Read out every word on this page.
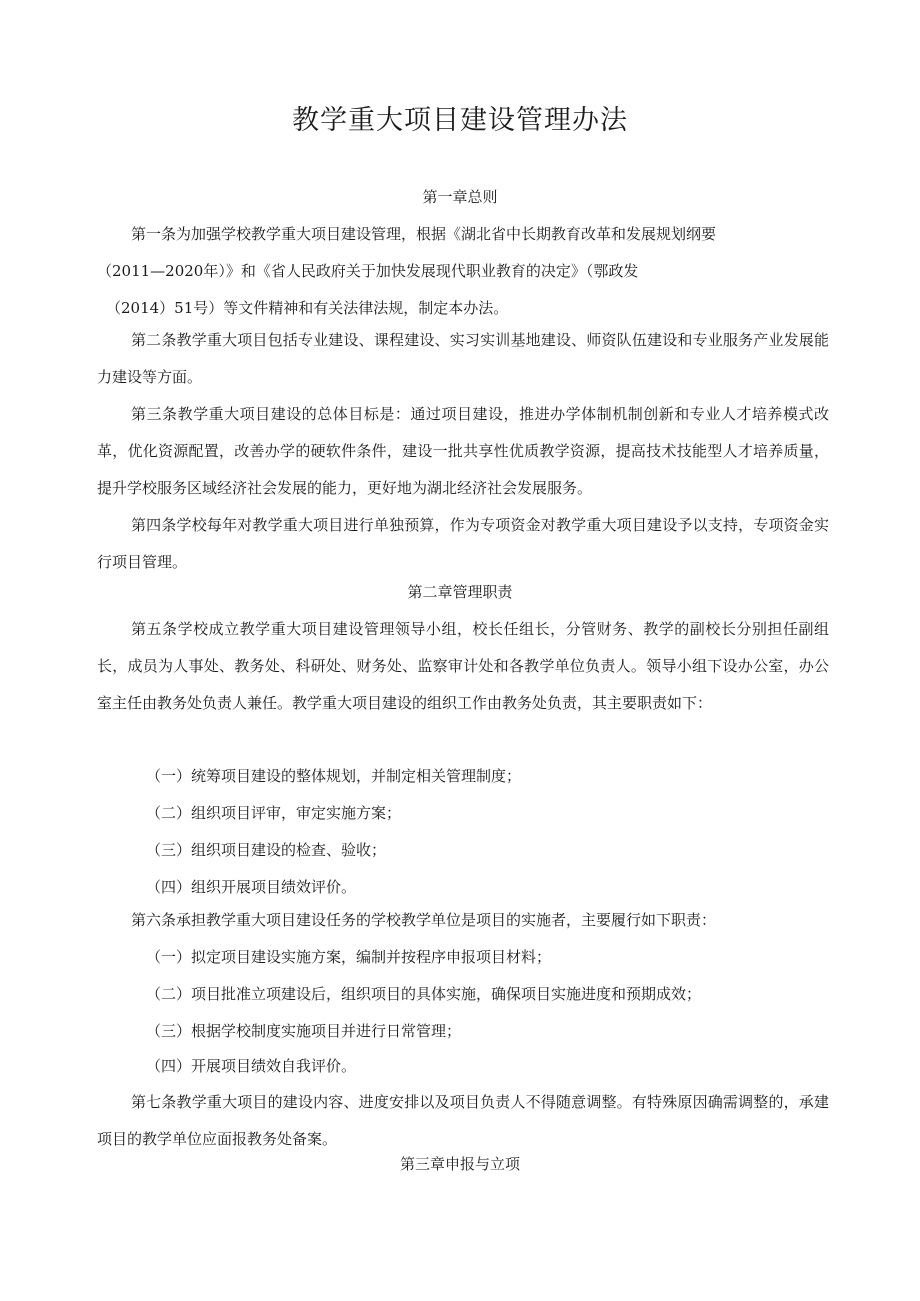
教学重大项目建设管理办法
第一章总则

第一条为加强学校教学重大项目建设管理，根据《湖北省中长期教育改革和发展规划纲要

（2011—2020年）》和《省人民政府关于加快发展现代职业教育的决定》（鄂政发

（2014）51号）等文件精神和有关法律法规，制定本办法。

第二条教学重大项目包括专业建设、课程建设、实习实训基地建设、师资队伍建设和专业服务产业发展能力建设等方面。

第三条教学重大项目建设的总体目标是：通过项目建设，推进办学体制机制创新和专业人才培养模式改革，优化资源配置，改善办学的硬软件条件，建设一批共享性优质教学资源，提高技术技能型人才培养质量，提升学校服务区域经济社会发展的能力，更好地为湖北经济社会发展服务。

第四条学校每年对教学重大项目进行单独预算，作为专项资金对教学重大项目建设予以支持，专项资金实行项目管理。

第二章管理职责

第五条学校成立教学重大项目建设管理领导小组，校长任组长，分管财务、教学的副校长分别担任副组长，成员为人事处、教务处、科研处、财务处、监察审计处和各教学单位负责人。领导小组下设办公室，办公室主任由教务处负责人兼任。教学重大项目建设的组织工作由教务处负责，其主要职责如下：

（一）统筹项目建设的整体规划，并制定相关管理制度；

（二）组织项目评审，审定实施方案；

（三）组织项目建设的检查、验收；

（四）组织开展项目绩效评价。

第六条承担教学重大项目建设任务的学校教学单位是项目的实施者，主要履行如下职责：

（一）拟定项目建设实施方案，编制并按程序申报项目材料；

（二）项目批准立项建设后，组织项目的具体实施，确保项目实施进度和预期成效；

（三）根据学校制度实施项目并进行日常管理；

（四）开展项目绩效自我评价。

第七条教学重大项目的建设内容、进度安排以及项目负责人不得随意调整。有特殊原因确需调整的，承建项目的教学单位应面报教务处备案。

第三章申报与立项
